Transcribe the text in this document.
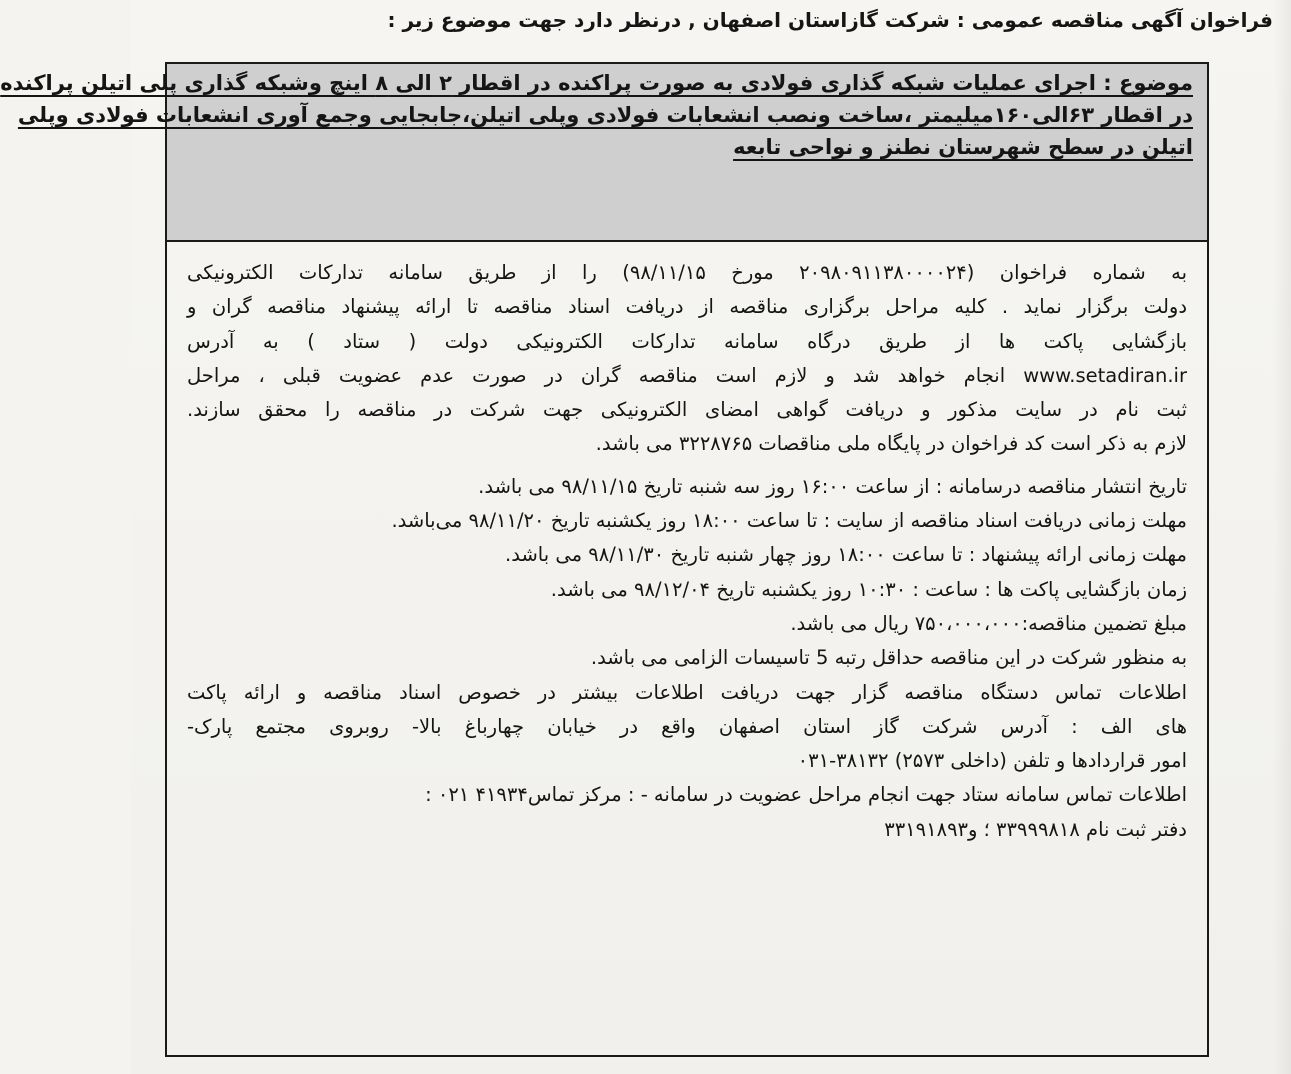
فراخوان آگهی مناقصه عمومی : شرکت گازاستان اصفهان , درنظر دارد جهت موضوع زیر :
موضوع : اجرای عملیات شبکه گذاری فولادی به صورت پراکنده در اقطار ۲ الی ۸ اینچ وشبکه گذاری پلی اتیلن پراکنده
در اقطار ۶۳الی۱۶۰میلیمتر ،ساخت ونصب انشعابات فولادی وپلی اتیلن،جابجایی وجمع آوری انشعابات فولادی وپلی
اتیلن در سطح شهرستان نطنز و نواحی تابعه
به شماره فراخوان (۲۰۹۸۰۹۱۱۳۸۰۰۰۰۲۴ مورخ ۹۸/۱۱/۱۵) را از طریق سامانه تدارکات الکترونیکی
دولت برگزار نماید . کلیه مراحل برگزاری مناقصه از دریافت اسناد مناقصه تا ارائه پیشنهاد مناقصه گران و
بازگشایی پاکت ها از طریق درگاه سامانه تدارکات الکترونیکی دولت ( ستاد ) به آدرس
www.setadiran.ir انجام خواهد شد و لازم است مناقصه گران در صورت عدم عضویت قبلی ، مراحل
ثبت نام در سایت مذکور و دریافت گواهی امضای الکترونیکی جهت شرکت در مناقصه را محقق سازند.
لازم به ذکر است کد فراخوان در پایگاه ملی مناقصات ۳۲۲۸۷۶۵ می باشد.
تاریخ انتشار مناقصه درسامانه : از ساعت ۱۶:۰۰ روز سه شنبه تاریخ ۹۸/۱۱/۱۵ می باشد.
مهلت زمانی دریافت اسناد مناقصه از سایت : تا ساعت ۱۸:۰۰ روز یکشنبه تاریخ ۹۸/۱۱/۲۰ می‌باشد.
مهلت زمانی ارائه پیشنهاد : تا ساعت ۱۸:۰۰ روز چهار شنبه تاریخ ۹۸/۱۱/۳۰ می باشد.
زمان بازگشایی پاکت ها : ساعت : ۱۰:۳۰ روز یکشنبه تاریخ ۹۸/۱۲/۰۴ می باشد.
مبلغ تضمین مناقصه:۷۵۰،۰۰۰،۰۰۰ ریال می باشد.
به منظور شرکت در این مناقصه حداقل رتبه 5 تاسیسات الزامی می باشد.
اطلاعات تماس دستگاه مناقصه گزار جهت دریافت اطلاعات بیشتر در خصوص اسناد مناقصه و ارائه پاکت
های الف : آدرس شرکت گاز استان اصفهان واقع در خیابان چهارباغ بالا- روبروی مجتمع پارک-
امور قراردادها و تلفن (داخلی ۲۵۷۳) ۳۸۱۳۲-۰۳۱
اطلاعات تماس سامانه ستاد جهت انجام مراحل عضویت در سامانه - : مرکز تماس۴۱۹۳۴ ۰۲۱ :
دفتر ثبت نام ۳۳۹۹۹۸۱۸ ؛ و۳۳۱۹۱۸۹۳
